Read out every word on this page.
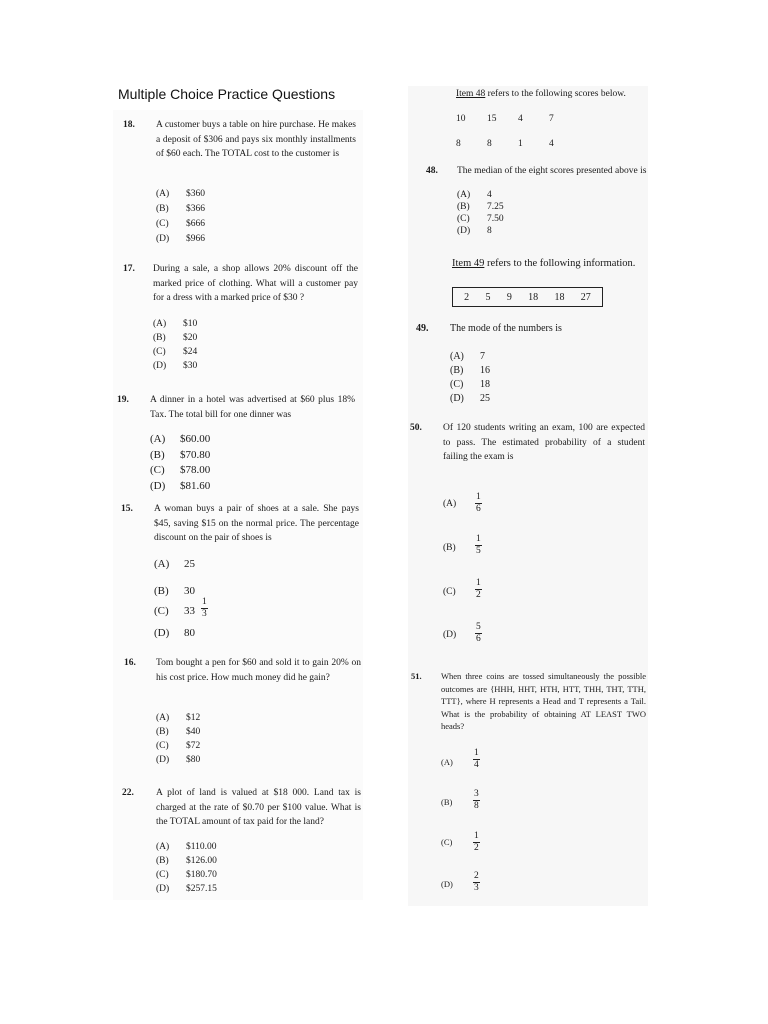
Multiple Choice Practice Questions
18. A customer buys a table on hire purchase. He makes a deposit of $306 and pays six monthly installments of $60 each. The TOTAL cost to the customer is
(A) $360
(B) $366
(C) $666
(D) $966
17. During a sale, a shop allows 20% discount off the marked price of clothing. What will a customer pay for a dress with a marked price of $30 ?
(A) $10
(B) $20
(C) $24
(D) $30
19. A dinner in a hotel was advertised at $60 plus 18% Tax. The total bill for one dinner was
(A) $60.00
(B) $70.80
(C) $78.00
(D) $81.60
15. A woman buys a pair of shoes at a sale. She pays $45, saving $15 on the normal price. The percentage discount on the pair of shoes is
(A) 25
(B) 30
(C) $33 \frac{1}{3}$
(D) 80
16. Tom bought a pen for $60 and sold it to gain 20% on his cost price. How much money did he gain?
(A) $12
(B) $40
(C) $72
(D) $80
22. A plot of land is valued at $18 000. Land tax is charged at the rate of $0.70 per $100 value. What is the TOTAL amount of tax paid for the land?
(A) $110.00
(B) $126.00
(C) $180.70
(D) $257.15
Item 48 refers to the following scores below.
10 15 4	7
8	8	1	4
48. The median of the eight scores presented above is
(A) 4
(B) 7.25
(C) 7.50
(D) 8
Item 49 refers to the following information.
2 5 9 18 18 27
49. The mode of the numbers is
(A) 7
(B) 16
(C) 18
(D) 25
50. Of 120 students writing an exam, 100 are expected to pass. The estimated probability of a student failing the exam is
$(A) \frac{1}{6}$
$(B) \frac{1}{5}$
$(C) \frac{1}{2}$
$(D) \frac{5}{6}$
51. When three coins are tossed simultaneously the possible outcomes are {HHH, HHT, HTH, HTT, THH, THT, TTH, TTT}, where H represents a Head and T represents a Tail. What is the probability of obtaining AT LEAST TWO heads?
$(A) \frac{1}{4}$
$(B) \frac{3}{8}$
$(C) \frac{1}{2}$
$(D) \frac{2}{3}$
